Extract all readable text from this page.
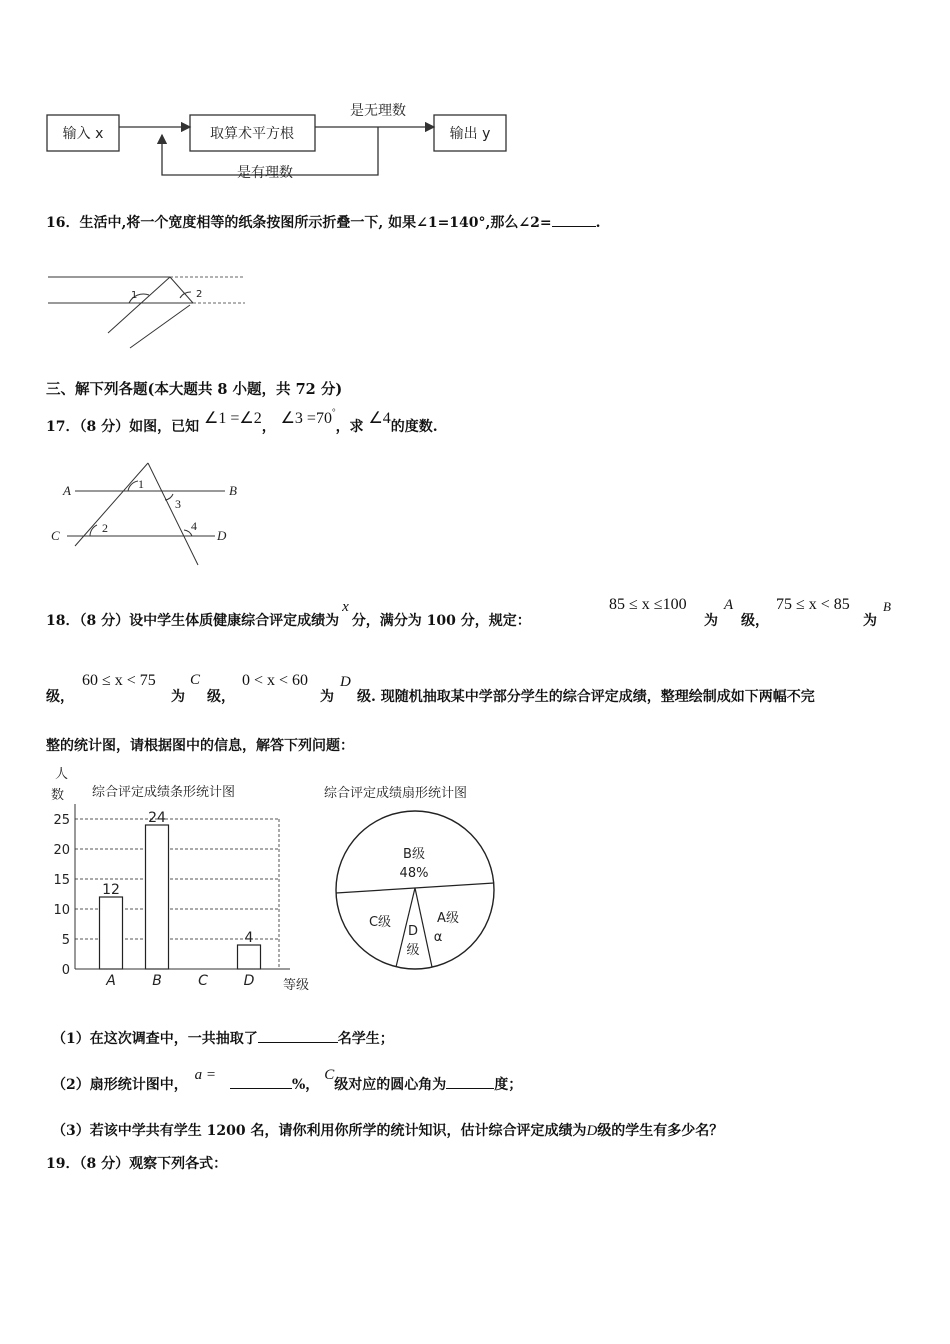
输入 x	取算术平方根
是无理数
输出 y
是有理数
16．生活中,将一个宽度相等的纸条按图所示折叠一下, 如果∠1=140°,那么∠2=	.
1	2
三、解下列各题(本大题共 8 小题，共 72 分)
17．（8 分）如图，已知 ∠1 =∠2， ∠3 =70°，求 ∠4的度数.
A	B
C	D
1
2
3
4
18．（8 分）设中学生体质健康综合评定成绩为x分，满分为 100 分，规定：
85 ≤ x ≤100
为
A
级，
75 ≤ x < 85
为
B
级，
60 ≤ x < 75
为
C
级，
0 < x < 60
为
D
级. 现随机抽取某中学部分学生的综合评定成绩，整理绘制成如下两幅不完
整的统计图，请根据图中的信息，解答下列问题：
人
数 综合评定成绩条形统计图
0
5
10
15
20
25
12
24
4
A	B	C	D 等级
综合评定成绩扇形统计图
B级
48%
A级
α
C级
D
级
（1）在这次调查中，一共抽取了	名学生；
（2）扇形统计图中， a =%， C级对应的圆心角为	度；
（3）若该中学共有学生 1200 名，请你利用你所学的统计知识，估计综合评定成绩为D级的学生有多少名？
19．（8 分）观察下列各式：
